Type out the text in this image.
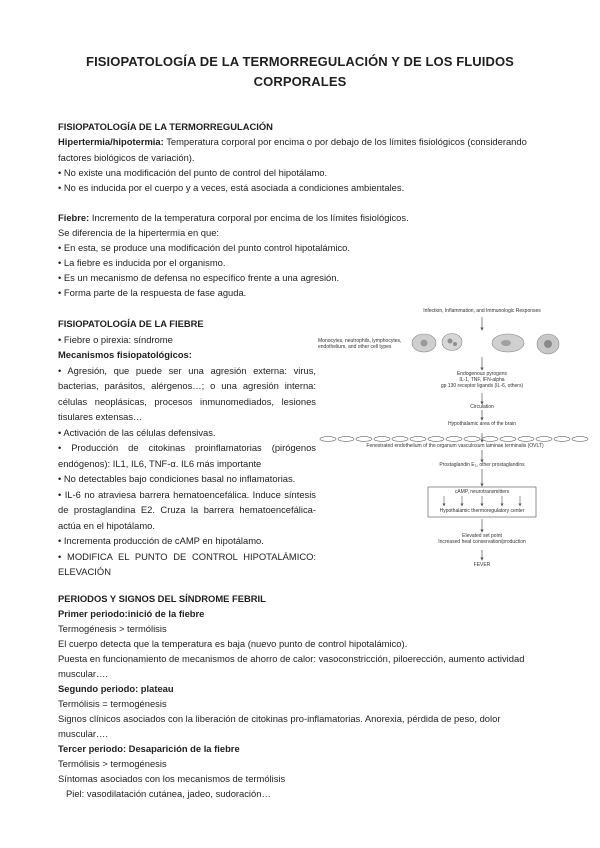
FISIOPATOLOGÍA DE LA TERMORREGULACIÓN Y DE LOS FLUIDOS CORPORALES
FISIOPATOLOGÍA DE LA TERMORREGULACIÓN
Hipertermia/hipotermia: Temperatura corporal por encima o por debajo de los límites fisiológicos (considerando
factores biológicos de variación).
• No existe una modificación del punto de control del hipotálamo.
• No es inducida por el cuerpo y a veces, está asociada a condiciones ambientales.
Fiebre: Incremento de la temperatura corporal por encima de los límites fisiológicos.
Se diferencia de la hipertermia en que:
• En esta, se produce una modificación del punto control hipotalámico.
• La fiebre es inducida por el organismo.
• Es un mecanismo de defensa no específico frente a una agresión.
• Forma parte de la respuesta de fase aguda.
FISIOPATOLOGÍA DE LA FIEBRE
• Fiebre o pirexia: síndrome
Mecanismos fisiopatológicos:
• Agresión, que puede ser una agresión externa: virus, bacterias, parásitos, alérgenos…; o una agresión interna: células neoplásicas, procesos inmunomediados, lesiones tisulares extensas…
• Activación de las células defensivas.
• Producción de citokinas proinflamatorias (pirógenos endógenos): IL1, IL6, TNF-α. IL6 más importante
• No detectables bajo condiciones basal no inflamatorias.
• IL-6 no atraviesa barrera hematoencefálica. Induce síntesis de prostaglandina E2. Cruza la barrera hematoencefálica- actúa en el hipotálamo.
• Incrementa producción de cAMP en hipotálamo.
• MODIFICA EL PUNTO DE CONTROL HIPOTALÁMICO: ELEVACIÓN
Infection, Inflammation, and Immunologic Responses
Monocytes, neutrophils, lymphocytes,
endothelium, and other cell types
Endogenous pyrogens
IL-1, TNF, IFN-alpha
gp 130 receptor ligands (IL-6, others)
Circulation
Hypothalamic area of the brain
Fenestrated endothelium of the organum vasculosum laminae terminalis (OVLT)
Prostaglandin E₂, other prostaglandins
cAMP, neurotransmitters
Hypothalamic thermoregulatory center
Elevated set point
Increased heat conservation/production
FEVER
PERIODOS Y SIGNOS DEL SÍNDROME FEBRIL
Primer periodo:inició de la fiebre
Termogénesis > termólisis
El cuerpo detecta que la temperatura es baja (nuevo punto de control hipotalámico).
Puesta en funcionamiento de mecanismos de ahorro de calor: vasoconstricción, piloerección, aumento actividad
muscular….
Segundo periodo: plateau
Termólisis = termogénesis
Signos clínicos asociados con la liberación de citokinas pro-inflamatorias. Anorexia, pérdida de peso, dolor
muscular….
Tercer periodo: Desaparición de la fiebre
Termólisis > termogénesis
Síntomas asociados con los mecanismos de termólisis
Piel: vasodilatación cutánea, jadeo, sudoración…
